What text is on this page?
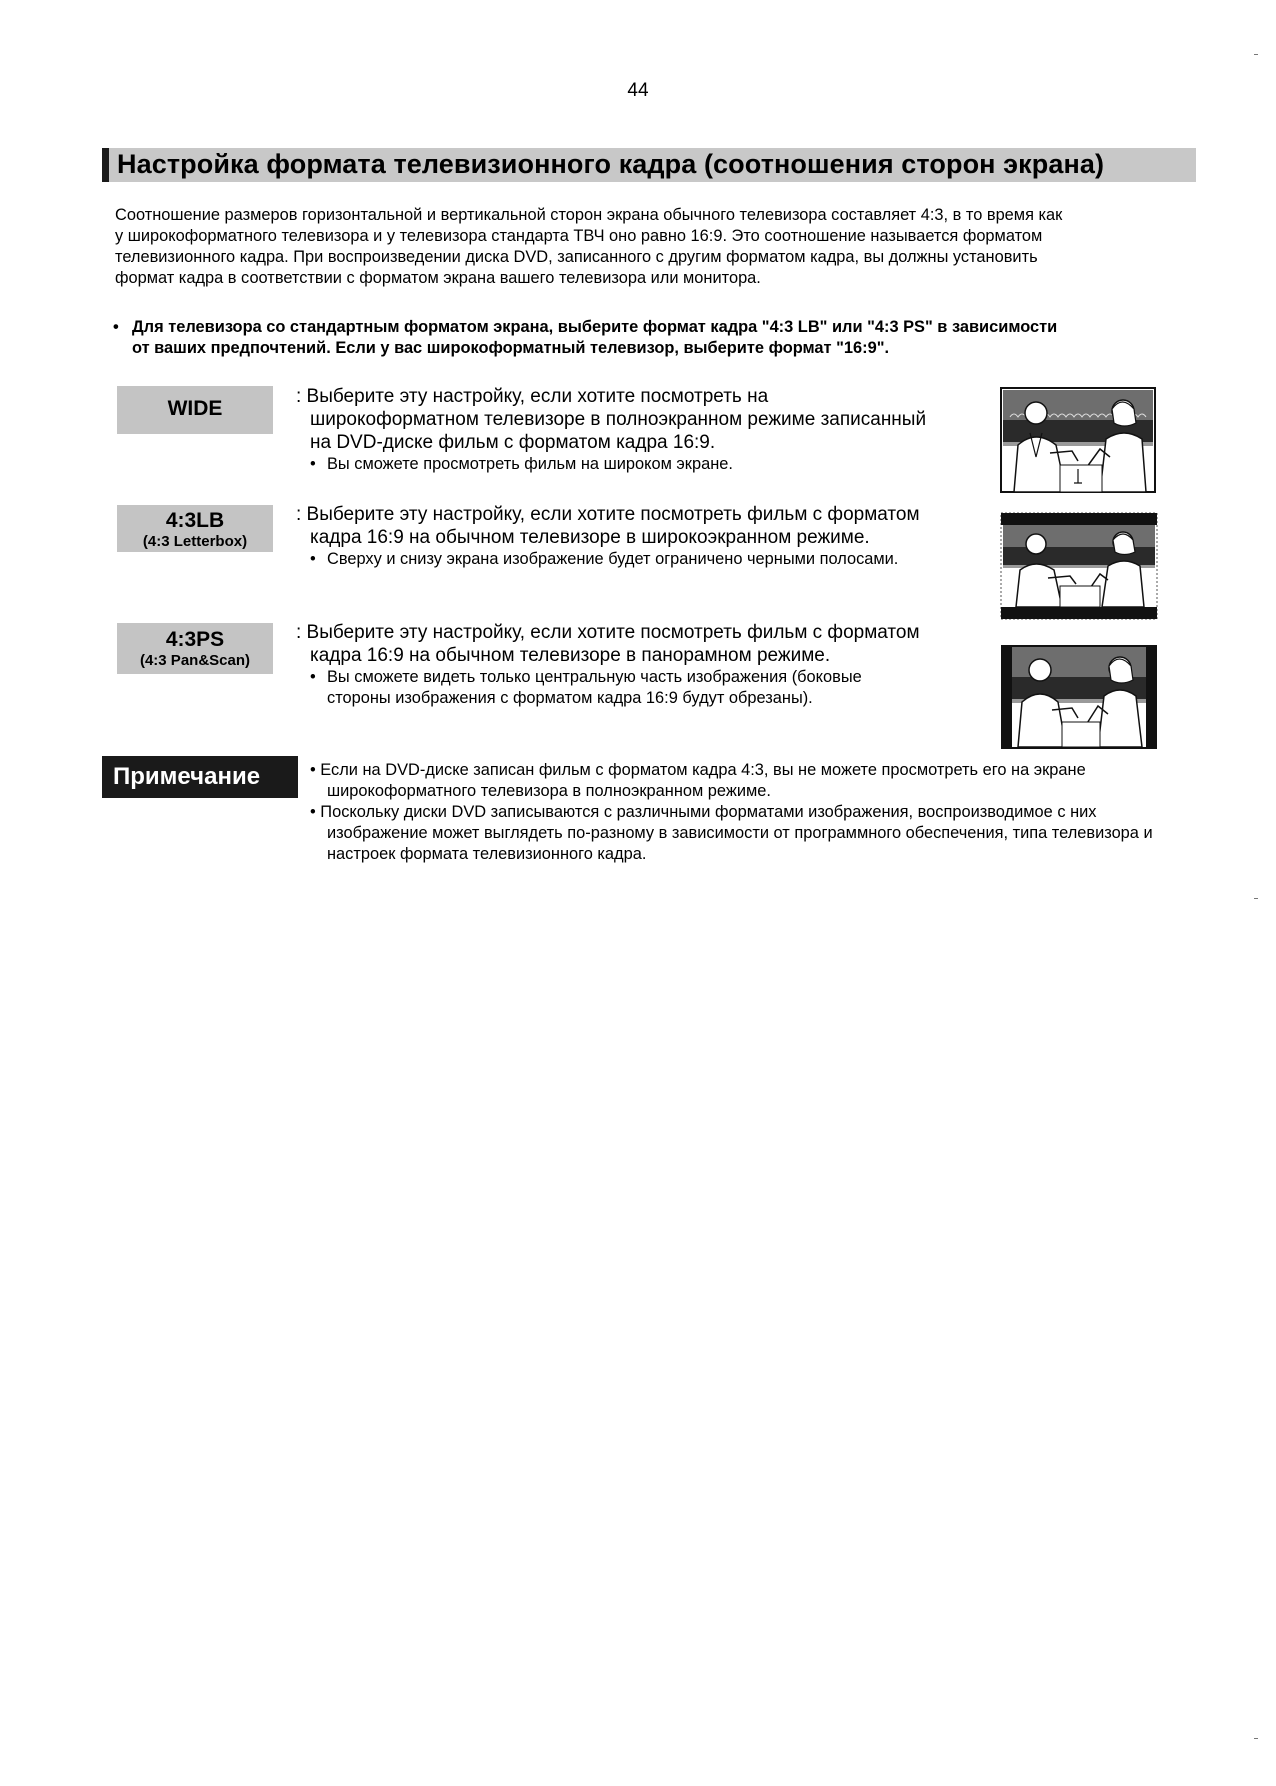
44
Настройка формата телевизионного кадра (соотношения сторон экрана)
Соотношение размеров горизонтальной и вертикальной сторон экрана обычного телевизора составляет 4:3, в то время как
у широкоформатного телевизора и у телевизора стандарта ТВЧ оно равно 16:9. Это соотношение называется форматом
телевизионного кадра. При воспроизведении диска DVD, записанного с другим форматом кадра, вы должны установить
формат кадра в соответствии с форматом экрана вашего телевизора или монитора.
• Для телевизора со стандартным форматом экрана, выберите формат кадра "4:3 LB" или "4:3 PS" в зависимости
от ваших предпочтений. Если у вас широкоформатный телевизор, выберите формат "16:9".
WIDE
: Выберите эту настройку, если хотите посмотреть на
широкоформатном телевизоре в полноэкранном режиме записанный
на DVD-диске фильм с форматом кадра 16:9.
• Вы сможете просмотреть фильм на широком экране.
4:3LB
(4:3 Letterbox)
: Выберите эту настройку, если хотите посмотреть фильм с форматом
кадра 16:9 на обычном телевизоре в широкоэкранном режиме.
• Сверху и снизу экрана изображение будет ограничено черными полосами.
4:3PS
(4:3 Pan&Scan)
: Выберите эту настройку, если хотите посмотреть фильм с форматом
кадра 16:9 на обычном телевизоре в панорамном режиме.
• Вы сможете видеть только центральную часть изображения (боковые
стороны изображения с форматом кадра 16:9 будут обрезаны).
Примечание	• Если на DVD-диске записан фильм с форматом кадра 4:3, вы не можете просмотреть его на экране широкоформатного телевизора в полноэкранном режиме.
• Поскольку диски DVD записываются с различными форматами изображения, воспроизводимое с них изображение может выглядеть по-разному в зависимости от программного обеспечения, типа телевизора и настроек формата телевизионного кадра.
